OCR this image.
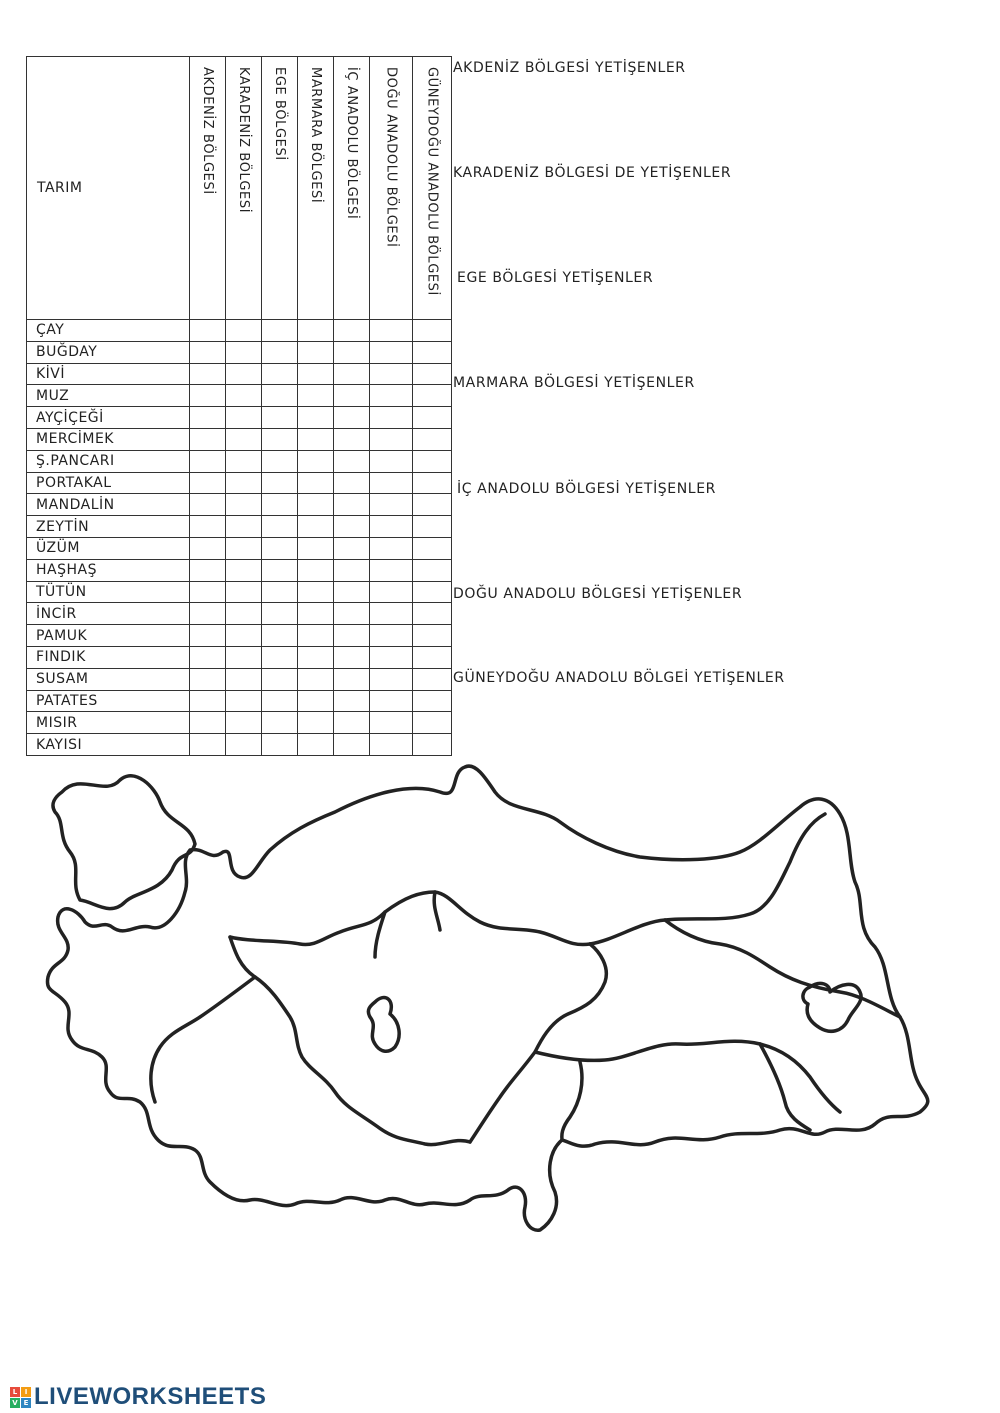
TARIM	AKDENİZ BÖLGESİ	KARADENİZ BÖLGESİ	EGE BÖLGESİ	MARMARA BÖLGESİ	İÇ ANADOLU BÖLGESİ	DOĞU ANADOLU BÖLGESİ	GÜNEYDOĞU ANADOLU BÖLGESİ

ÇAY							
BUĞDAY							
KİVİ							
MUZ							
AYÇİÇEĞİ							
MERCİMEK							
Ş.PANCARI							
PORTAKAL							
MANDALİN							
ZEYTİN							
ÜZÜM							
HAŞHAŞ							
TÜTÜN							
İNCİR							
PAMUK							
FINDIK							
SUSAM							
PATATES							
MISIR							
KAYISI							
AKDENİZ BÖLGESİ YETİŞENLER
KARADENİZ BÖLGESİ DE YETİŞENLER
EGE BÖLGESİ YETİŞENLER
MARMARA BÖLGESİ YETİŞENLER
İÇ ANADOLU BÖLGESİ YETİŞENLER
DOĞU ANADOLU BÖLGESİ YETİŞENLER
GÜNEYDOĞU ANADOLU BÖLGEİ YETİŞENLER
L	I
V E LIVEWORKSHEETS
